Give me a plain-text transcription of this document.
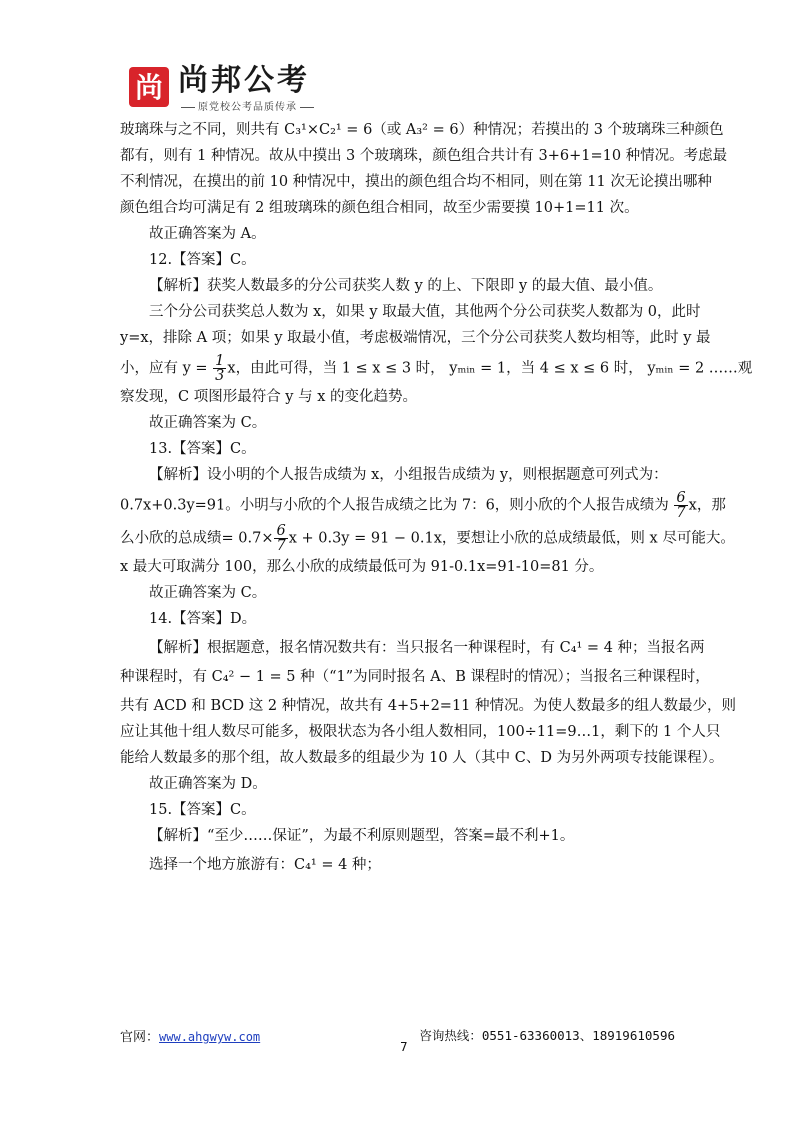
尚 尚邦公考
原党校公考品质传承
玻璃珠与之不同，则共有 C₃¹×C₂¹ = 6（或 A₃² = 6）种情况；若摸出的 3 个玻璃珠三种颜色
都有，则有 1 种情况。故从中摸出 3 个玻璃珠，颜色组合共计有 3+6+1=10 种情况。考虑最
不利情况，在摸出的前 10 种情况中，摸出的颜色组合均不相同，则在第 11 次无论摸出哪种
颜色组合均可满足有 2 组玻璃珠的颜色组合相同，故至少需要摸 10+1=11 次。
故正确答案为 A。
12.【答案】C。
【解析】获奖人数最多的分公司获奖人数 y 的上、下限即 y 的最大值、最小值。
三个分公司获奖总人数为 x，如果 y 取最大值，其他两个分公司获奖人数都为 0，此时
y=x，排除 A 项；如果 y 取最小值，考虑极端情况，三个分公司获奖人数均相等，此时 y 最
小，应有 $y = \frac{1}{3}$ x，由此可得，当 1 ≤ x ≤ 3 时， yₘᵢₙ = 1，当 4 ≤ x ≤ 6 时， yₘᵢₙ = 2 ……观
察发现，C 项图形最符合 y 与 x 的变化趋势。
故正确答案为 C。
13.【答案】C。
【解析】设小明的个人报告成绩为 x，小组报告成绩为 y，则根据题意可列式为：
0.7x+0.3y=91。小明与小欣的个人报告成绩之比为 7：6，则小欣的个人报告成绩为 $\frac{6}{7}$ x，那
么小欣的总成绩= $0.7\times \frac{6}{7}$ x + 0.3y = 91 − 0.1x，要想让小欣的总成绩最低，则 x 尽可能大。
x 最大可取满分 100，那么小欣的成绩最低可为 91-0.1x=91-10=81 分。
故正确答案为 C。
14.【答案】D。
【解析】根据题意，报名情况数共有：当只报名一种课程时，有 C₄¹ = 4 种；当报名两
种课程时，有 C₄² − 1 = 5 种（“1”为同时报名 A、B 课程时的情况）；当报名三种课程时，
共有 ACD 和 BCD 这 2 种情况，故共有 4+5+2=11 种情况。为使人数最多的组人数最少，则
应让其他十组人数尽可能多，极限状态为各小组人数相同，100÷11=9…1，剩下的 1 个人只
能给人数最多的那个组，故人数最多的组最少为 10 人（其中 C、D 为另外两项专技能课程）。
故正确答案为 D。
15.【答案】C。
【解析】“至少……保证”，为最不利原则题型，答案=最不利+1。
选择一个地方旅游有：C₄¹ = 4 种；
官网：www.ahgwyw.com	咨询热线：0551-63360013、18919610596
7
